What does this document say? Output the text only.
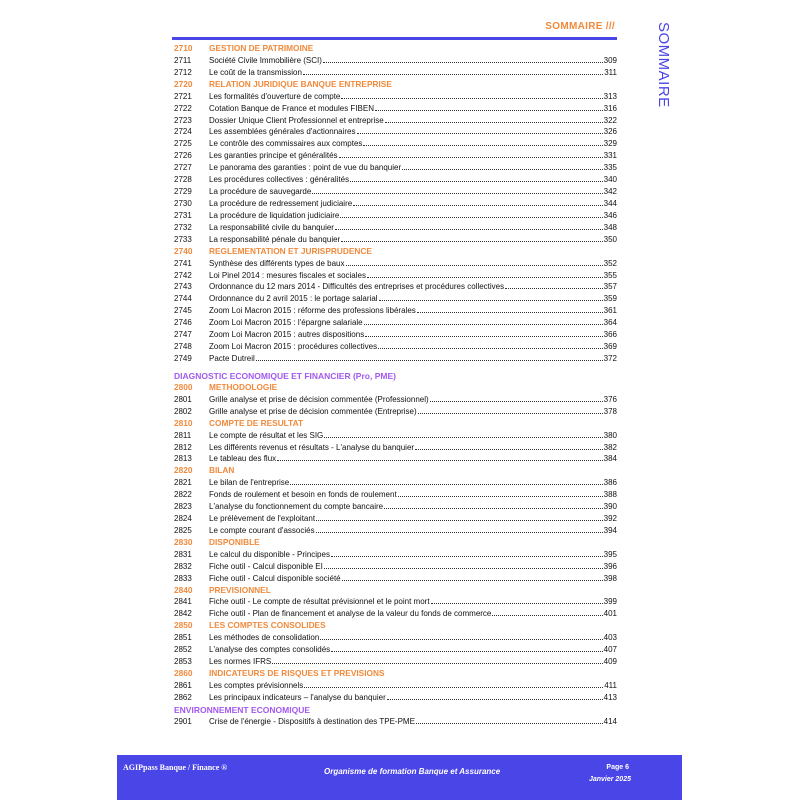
SOMMAIRE ///	SOMMAIRE
2710	GESTION DE PATRIMOINE
2711	Société Civile Immobilière (SCI)	309
2712	Le coût de la transmission	311
2720	RELATION JURIDIQUE BANQUE ENTREPRISE
2721	Les formalités d'ouverture de compte	313
2722	Cotation Banque de France et modules FIBEN	316
2723	Dossier Unique Client Professionnel et entreprise	322
2724	Les assemblées générales d'actionnaires	326
2725	Le contrôle des commissaires aux comptes	329
2726	Les garanties principe et généralités	331
2727	Le panorama des garanties : point de vue du banquier	335
2728	Les procédures collectives : généralités	340
2729	La procédure de sauvegarde	342
2730	La procédure de redressement judiciaire	344
2731	La procédure de liquidation judiciaire	346
2732	La responsabilité civile du banquier	348
2733	La responsabilité pénale du banquier	350
2740	REGLEMENTATION ET JURISPRUDENCE
2741	Synthèse des différents types de baux	352
2742	Loi Pinel 2014 : mesures fiscales et sociales	355
2743	Ordonnance du 12 mars 2014 - Difficultés des entreprises et procédures collectives	357
2744	Ordonnance du 2 avril 2015 : le portage salarial	359
2745	Zoom Loi Macron 2015 : réforme des professions libérales	361
2746	Zoom Loi Macron 2015 : l'épargne salariale	364
2747	Zoom Loi Macron 2015 : autres dispositions	366
2748	Zoom Loi Macron 2015 : procédures collectives	369
2749	Pacte Dutreil	372
DIAGNOSTIC ECONOMIQUE ET FINANCIER (Pro, PME)
2800	METHODOLOGIE
2801	Grille analyse et prise de décision commentée (Professionnel)	376
2802	Grille analyse et prise de décision commentée (Entreprise)	378
2810	COMPTE DE RESULTAT
2811	Le compte de résultat et les SIG	380
2812	Les différents revenus et résultats - L'analyse du banquier	382
2813	Le tableau des flux	384
2820	BILAN
2821	Le bilan de l'entreprise	386
2822	Fonds de roulement et besoin en fonds de roulement	388
2823	L'analyse du fonctionnement du compte bancaire	390
2824	Le prélèvement de l'exploitant	392
2825	Le compte courant d'associés	394
2830	DISPONIBLE
2831	Le calcul du disponible - Principes	395
2832	Fiche outil - Calcul disponible EI	396
2833	Fiche outil - Calcul disponible société	398
2840	PREVISIONNEL
2841	Fiche outil - Le compte de résultat prévisionnel et le point mort	399
2842	Fiche outil - Plan de financement et analyse de la valeur du fonds de commerce	401
2850	LES COMPTES CONSOLIDES
2851	Les méthodes de consolidation	403
2852	L'analyse des comptes consolidés	407
2853	Les normes IFRS	409
2860	INDICATEURS DE RISQUES ET PREVISIONS
2861	Les comptes prévisionnels	411
2862	Les principaux indicateurs – l'analyse du banquier	413
ENVIRONNEMENT ECONOMIQUE
2901	Crise de l'énergie - Dispositifs à destination des TPE-PME	414
AGIPpass Banque / Finance ®	Organisme de formation Banque et Assurance	Page 6
Janvier 2025
